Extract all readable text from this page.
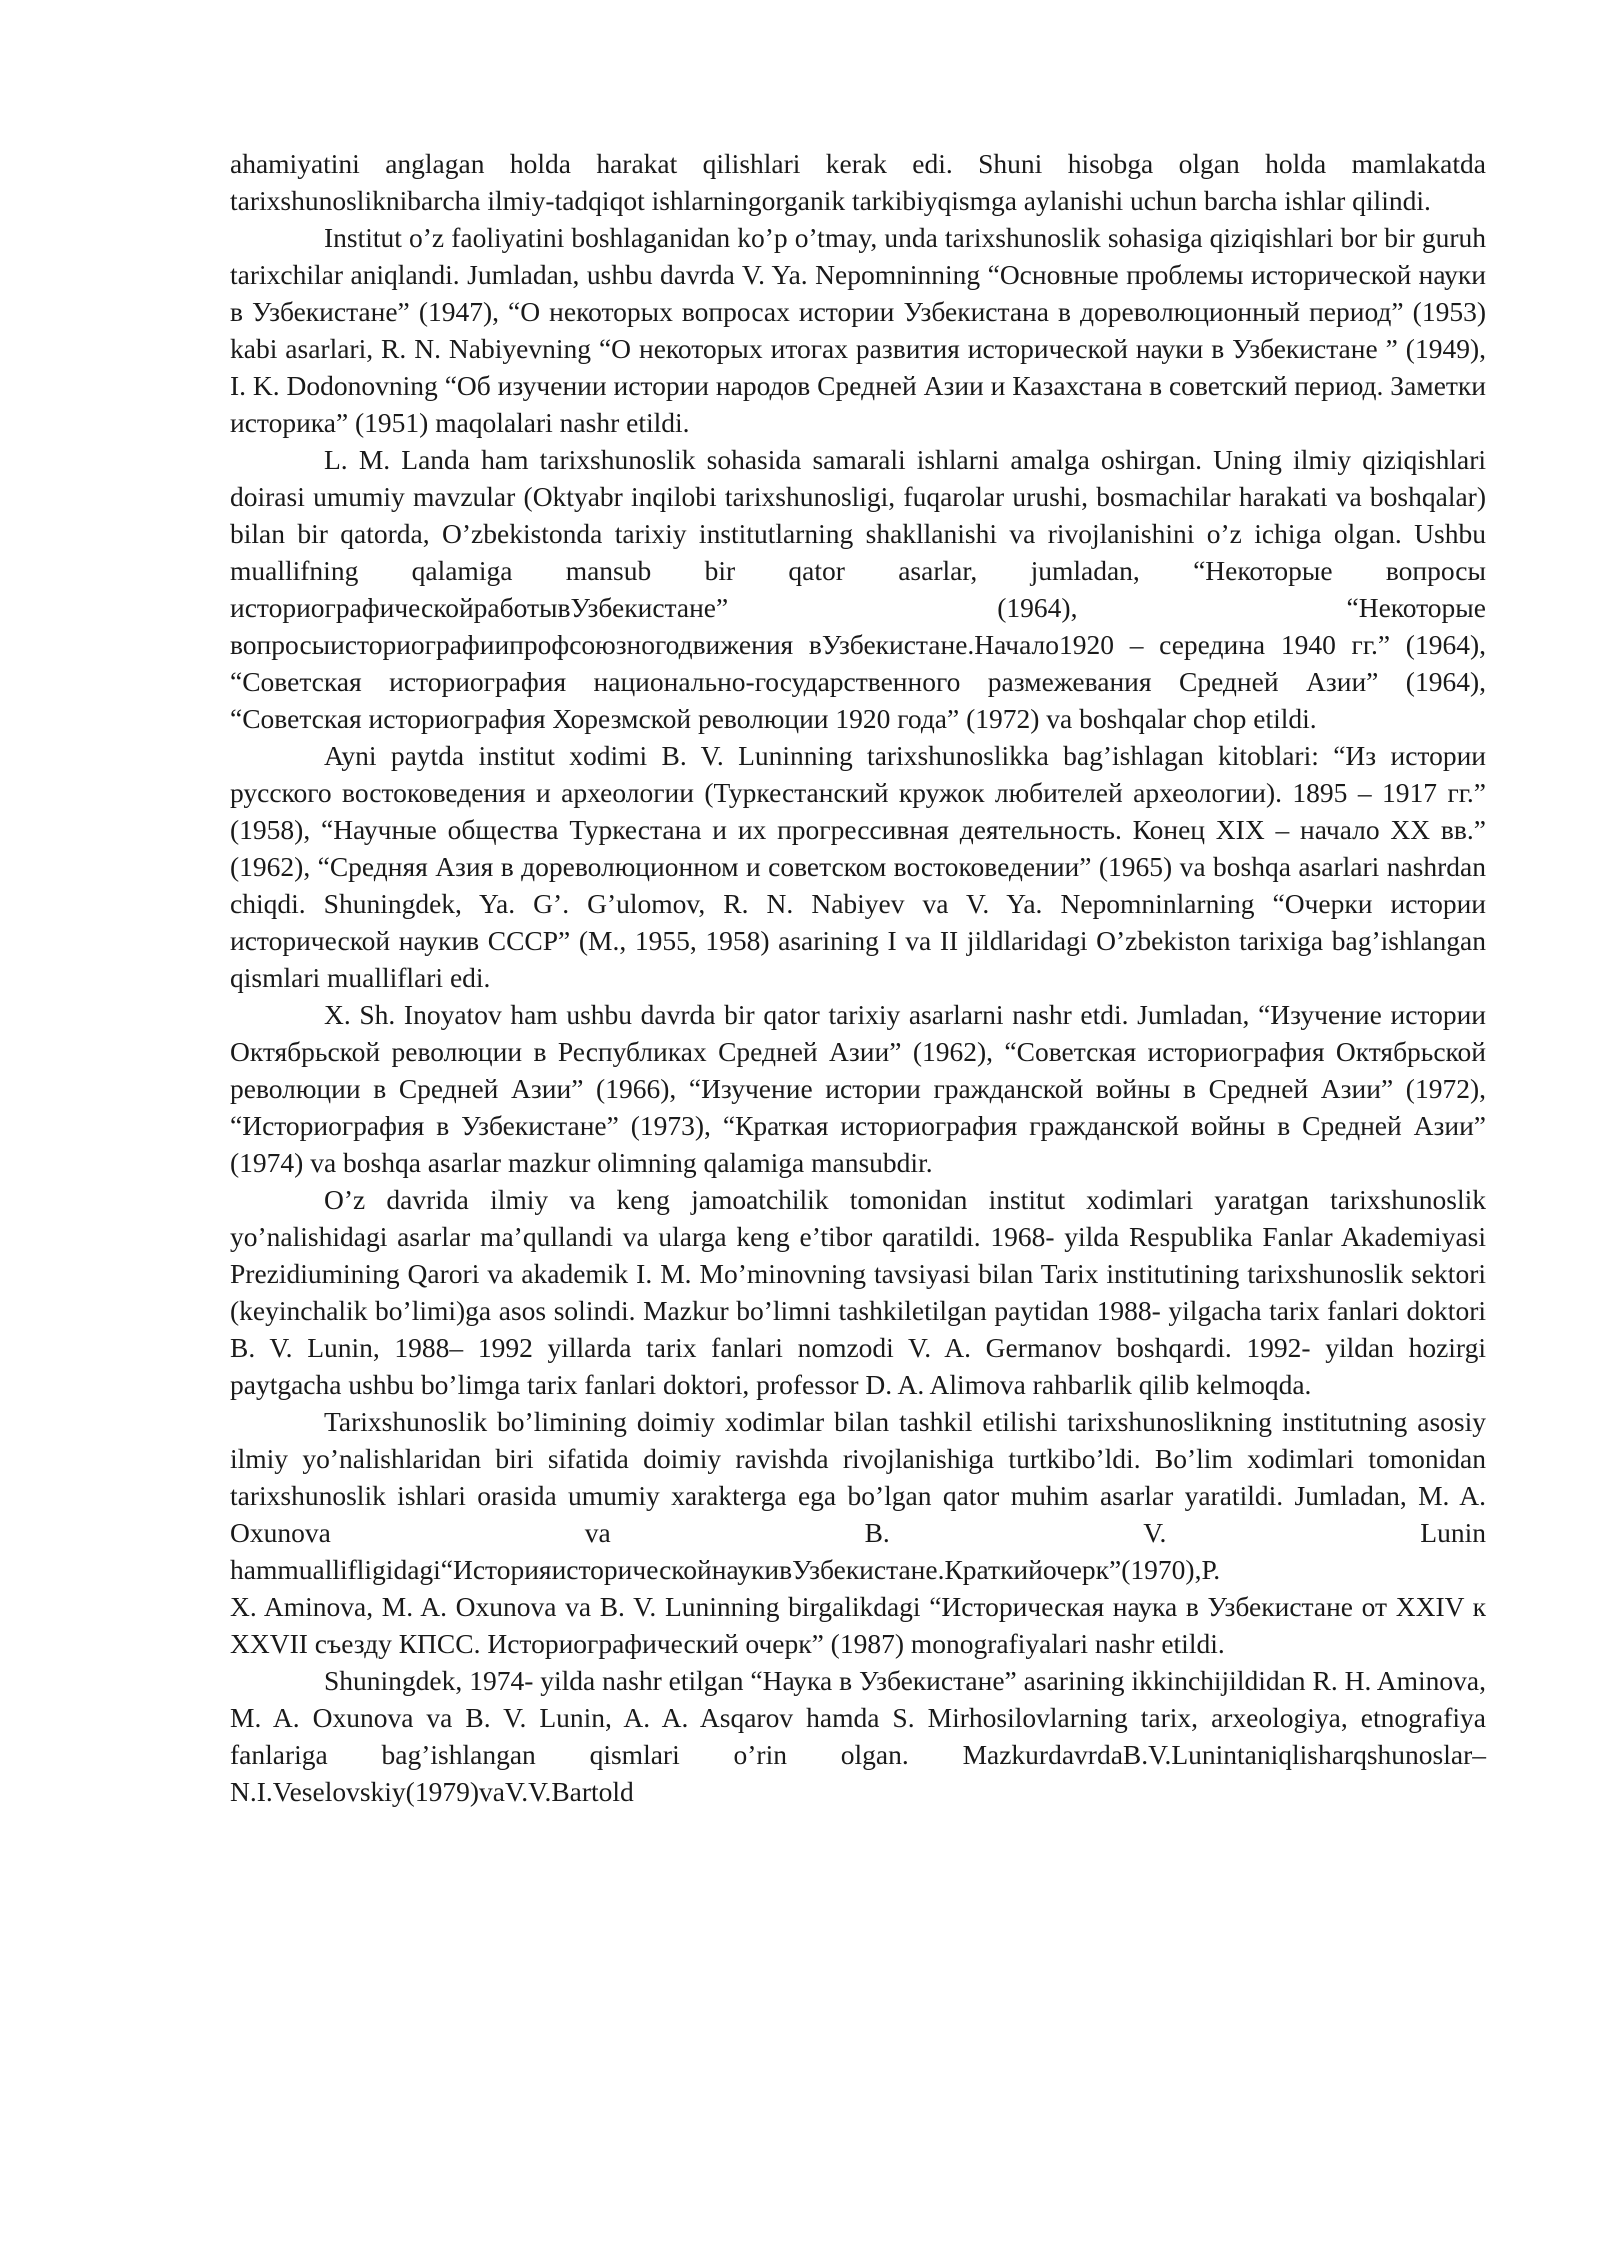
ahamiyatini anglagan holda harakat qilishlari kerak edi. Shuni hisobga olgan holda mamlakatda tarixshunosliknibarcha ilmiy-tadqiqot ishlarningorganik tarkibiyqismga aylanishi uchun barcha ishlar qilindi.

Institut o’z faoliyatini boshlaganidan ko’p o’tmay, unda tarixshunoslik sohasiga qiziqishlari bor bir guruh tarixchilar aniqlandi. Jumladan, ushbu davrda V. Ya. Nepomninning “Основные проблемы исторической науки в Узбекистане” (1947), “О некоторых вопросах истории Узбекистана в дореволюционный период” (1953) kabi asarlari, R. N. Nabiyevning “О некоторых итогах развития исторической науки в Узбекистане ” (1949), I. K. Dodonovning “Об изучении истории народов Средней Азии и Казахстана в советский период. Заметки историка” (1951) maqolalari nashr etildi.

L. M. Landa ham tarixshunoslik sohasida samarali ishlarni amalga oshirgan. Uning ilmiy qiziqishlari doirasi umumiy mavzular (Oktyabr inqilobi tarixshunosligi, fuqarolar urushi, bosmachilar harakati va boshqalar) bilan bir qatorda, O’zbekistonda tarixiy institutlarning shakllanishi va rivojlanishini o’z ichiga olgan. Ushbu muallifning qalamiga mansub bir qator asarlar, jumladan, “Некоторые вопросы историографическойработывУзбекистане” (1964), “Некоторые вопросыисториографиипрофсоюзногодвижения вУзбекистане.Начало1920 – середина 1940 гг.” (1964), “Советская историография национально-государственного размежевания Средней Азии” (1964), “Советская историография Хорезмской революции 1920 года” (1972) va boshqalar chop etildi.

Ayni paytda institut xodimi B. V. Luninning tarixshunoslikka bag’ishlagan kitoblari: “Из истории русского востоковедения и археологии (Туркестанский кружок любителей археологии). 1895 – 1917 гг.” (1958), “Научные общества Туркестана и их прогрессивная деятельность. Конец XIX – начало XX вв.” (1962), “Средняя Азия в дореволюционном и советском востоковедении” (1965) va boshqa asarlari nashrdan chiqdi. Shuningdek, Ya. G’. G’ulomov, R. N. Nabiyev va V. Ya. Nepomninlarning “Очерки истории исторической наукив СССР” (M., 1955, 1958) asarining I va II jildlaridagi O’zbekiston tarixiga bag’ishlangan qismlari mualliflari edi.

X. Sh. Inoyatov ham ushbu davrda bir qator tarixiy asarlarni nashr etdi. Jumladan, “Изучение истории Октябрьской революции в Республиках Средней Азии” (1962), “Советская историография Октябрьской революции в Средней Азии” (1966), “Изучение истории гражданской войны в Средней Азии” (1972), “Историография в Узбекистане” (1973), “Краткая историография гражданской войны в Средней Азии” (1974) va boshqa asarlar mazkur olimning qalamiga mansubdir.

O’z davrida ilmiy va keng jamoatchilik tomonidan institut xodimlari yaratgan tarixshunoslik yo’nalishidagi asarlar ma’qullandi va ularga keng e’tibor qaratildi. 1968- yilda Respublika Fanlar Akademiyasi Prezidiumining Qarori va akademik I. M. Mo’minovning tavsiyasi bilan Tarix institutining tarixshunoslik sektori (keyinchalik bo’limi)ga asos solindi. Mazkur bo’limni tashkiletilgan paytidan 1988- yilgacha tarix fanlari doktori B. V. Lunin, 1988– 1992 yillarda tarix fanlari nomzodi V. A. Germanov boshqardi. 1992- yildan hozirgi paytgacha ushbu bo’limga tarix fanlari doktori, professor D. A. Alimova rahbarlik qilib kelmoqda.

Tarixshunoslik bo’limining doimiy xodimlar bilan tashkil etilishi tarixshunoslikning institutning asosiy ilmiy yo’nalishlaridan biri sifatida doimiy ravishda rivojlanishiga turtkibo’ldi. Bo’lim xodimlari tomonidan tarixshunoslik ishlari orasida umumiy xarakterga ega bo’lgan qator muhim asarlar yaratildi. Jumladan, M. A. Oxunova va B. V. Lunin hammuallifligidagi“ИсторияисторическойнаукивУзбекистане.Краткийочерк”(1970),Р.

X. Aminova, M. A. Oxunova va B. V. Luninning birgalikdagi “Историческая наука в Узбекистане от XXIV к XXVII съезду КПСС. Историографический очерк” (1987) monografiyalari nashr etildi.

Shuningdek, 1974- yilda nashr etilgan “Наука в Узбекистане” asarining ikkinchijildidan R. H. Aminova, M. A. Oxunova va B. V. Lunin, A. A. Asqarov hamda S. Mirhosilovlarning tarix, arxeologiya, etnografiya fanlariga bag’ishlangan qismlari o’rin olgan. MazkurdavrdaB.V.Lunintaniqlisharqshunoslar–N.I.Veselovskiy(1979)vaV.V.Bartold
